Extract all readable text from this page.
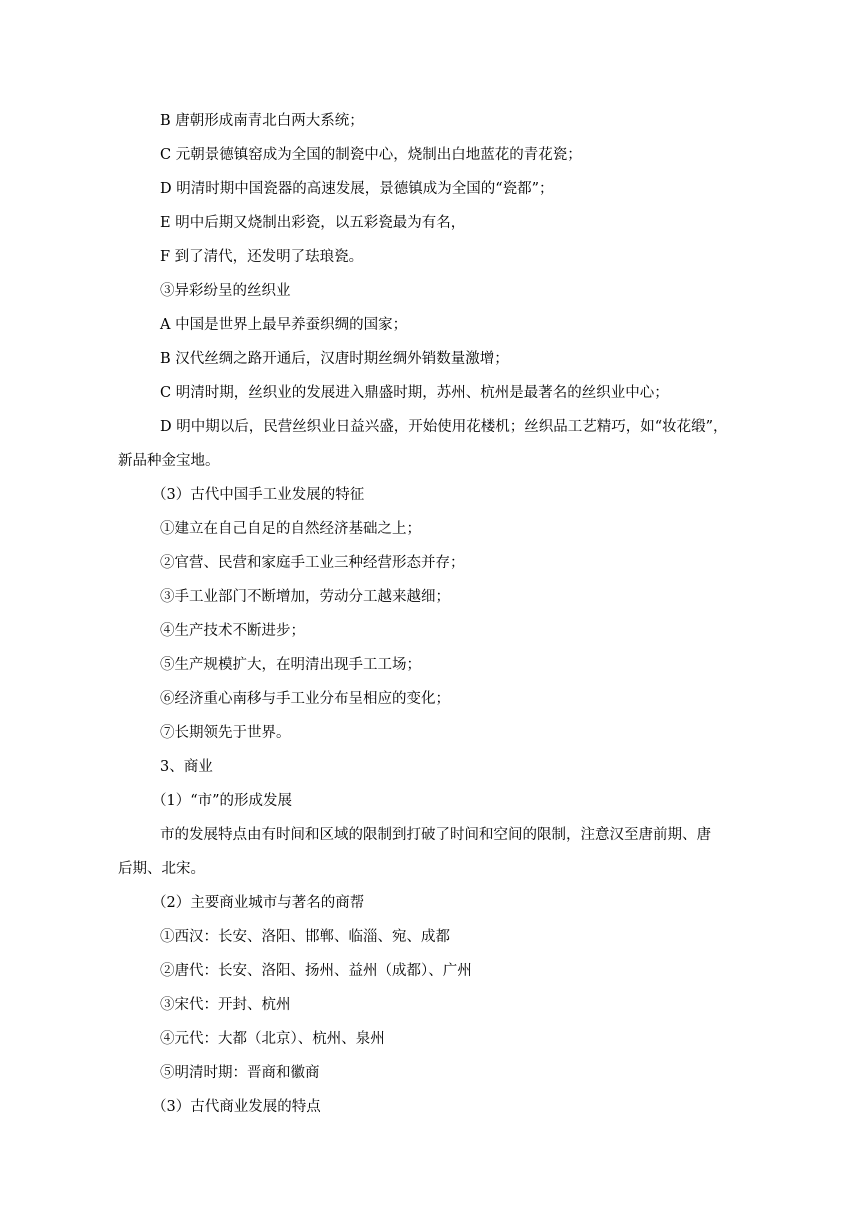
B 唐朝形成南青北白两大系统；
C 元朝景德镇窑成为全国的制瓷中心，烧制出白地蓝花的青花瓷；
D 明清时期中国瓷器的高速发展，景德镇成为全国的“瓷都”；
E 明中后期又烧制出彩瓷，以五彩瓷最为有名，
F 到了清代，还发明了珐琅瓷。
③异彩纷呈的丝织业
A 中国是世界上最早养蚕织绸的国家；
B 汉代丝绸之路开通后，汉唐时期丝绸外销数量激增；
C 明清时期，丝织业的发展进入鼎盛时期，苏州、杭州是最著名的丝织业中心；
D 明中期以后，民营丝织业日益兴盛，开始使用花楼机；丝织品工艺精巧，如“妆花缎”，
新品种金宝地。
（3）古代中国手工业发展的特征
①建立在自己自足的自然经济基础之上；
②官营、民营和家庭手工业三种经营形态并存；
③手工业部门不断增加，劳动分工越来越细；
④生产技术不断进步；
⑤生产规模扩大，在明清出现手工工场；
⑥经济重心南移与手工业分布呈相应的变化；
⑦长期领先于世界。
3、商业
（1）“市”的形成发展
市的发展特点由有时间和区域的限制到打破了时间和空间的限制，注意汉至唐前期、唐
后期、北宋。
（2）主要商业城市与著名的商帮
①西汉：长安、洛阳、邯郸、临淄、宛、成都
②唐代：长安、洛阳、扬州、益州（成都）、广州
③宋代：开封、杭州
④元代：大都（北京）、杭州、泉州
⑤明清时期：晋商和徽商
（3）古代商业发展的特点
